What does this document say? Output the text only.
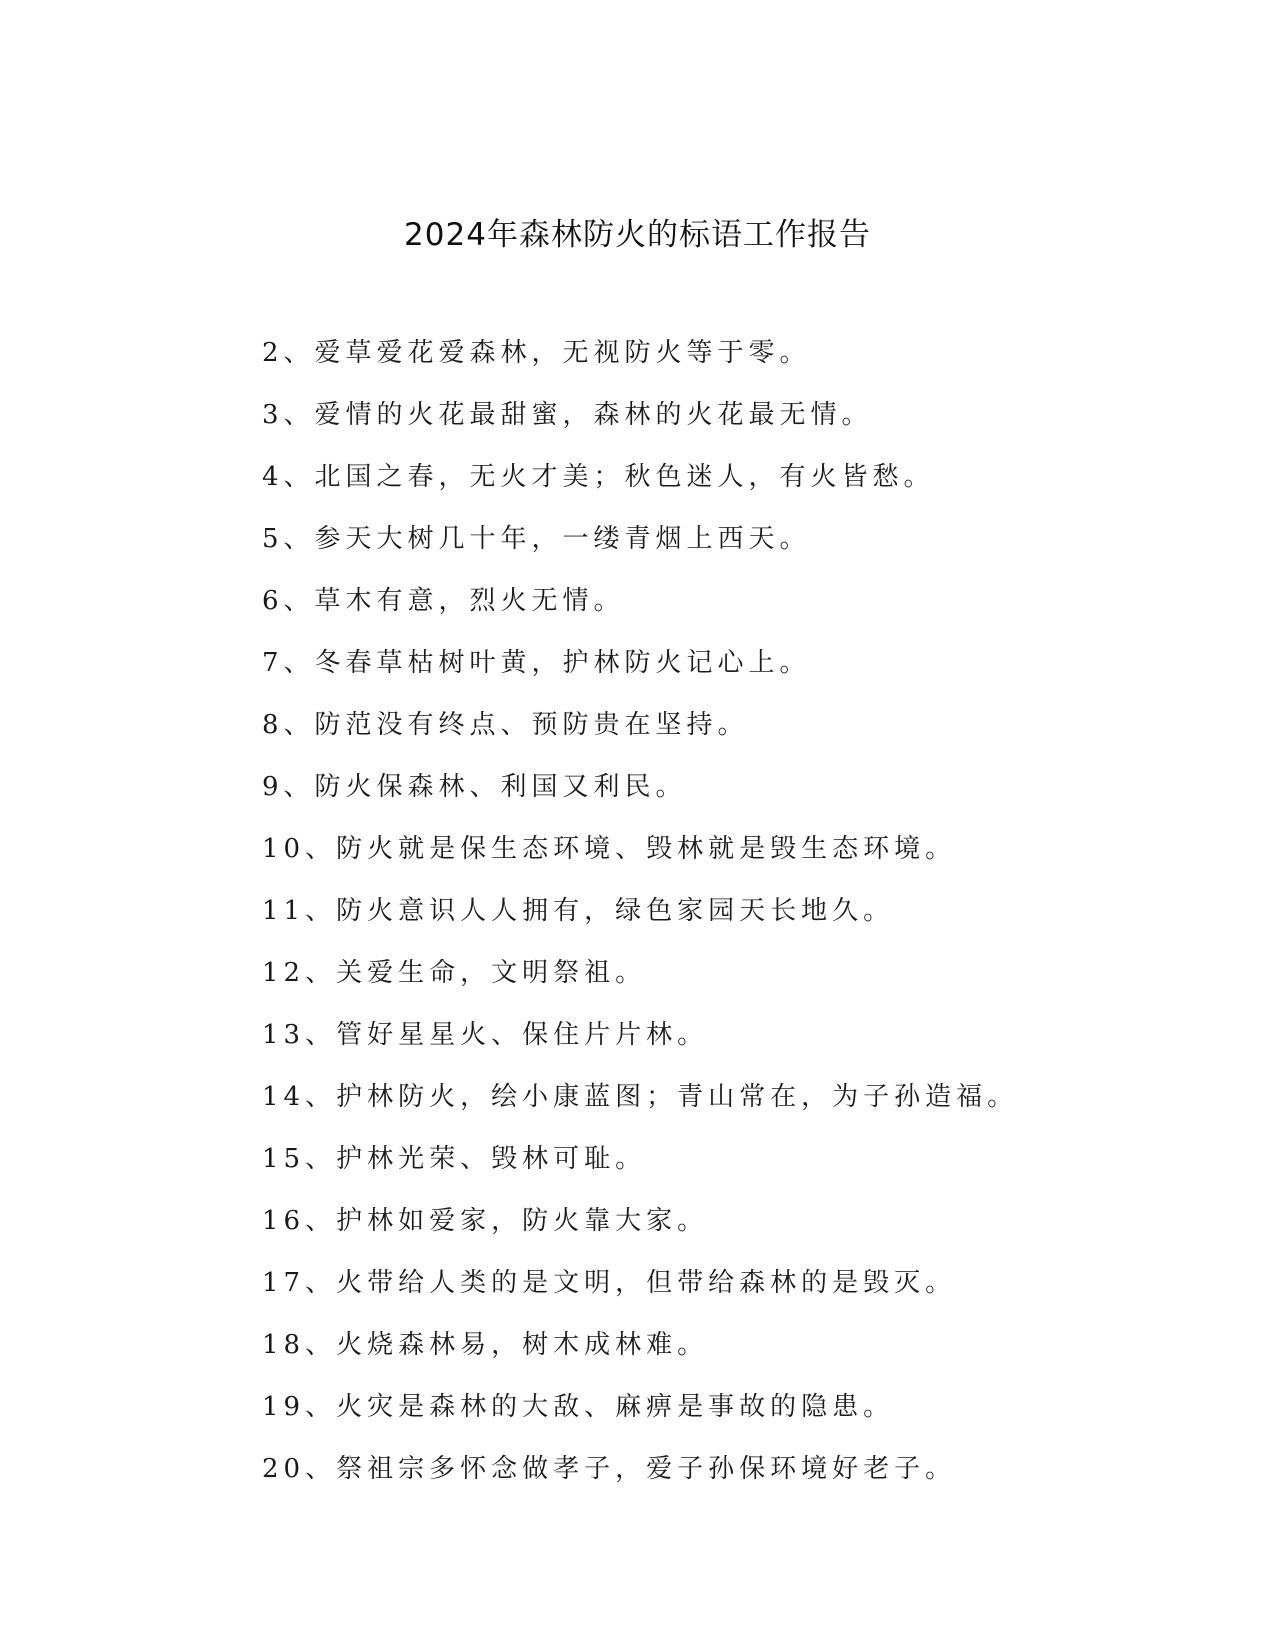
2024年森林防火的标语工作报告
2、爱草爱花爱森林，无视防火等于零。
3、爱情的火花最甜蜜，森林的火花最无情。
4、北国之春，无火才美；秋色迷人，有火皆愁。
5、参天大树几十年，一缕青烟上西天。
6、草木有意，烈火无情。
7、冬春草枯树叶黄，护林防火记心上。
8、防范没有终点、预防贵在坚持。
9、防火保森林、利国又利民。
10、防火就是保生态环境、毁林就是毁生态环境。
11、防火意识人人拥有，绿色家园天长地久。
12、关爱生命，文明祭祖。
13、管好星星火、保住片片林。
14、护林防火，绘小康蓝图；青山常在，为子孙造福。
15、护林光荣、毁林可耻。
16、护林如爱家，防火靠大家。
17、火带给人类的是文明，但带给森林的是毁灭。
18、火烧森林易，树木成林难。
19、火灾是森林的大敌、麻痹是事故的隐患。
20、祭祖宗多怀念做孝子，爱子孙保环境好老子。
